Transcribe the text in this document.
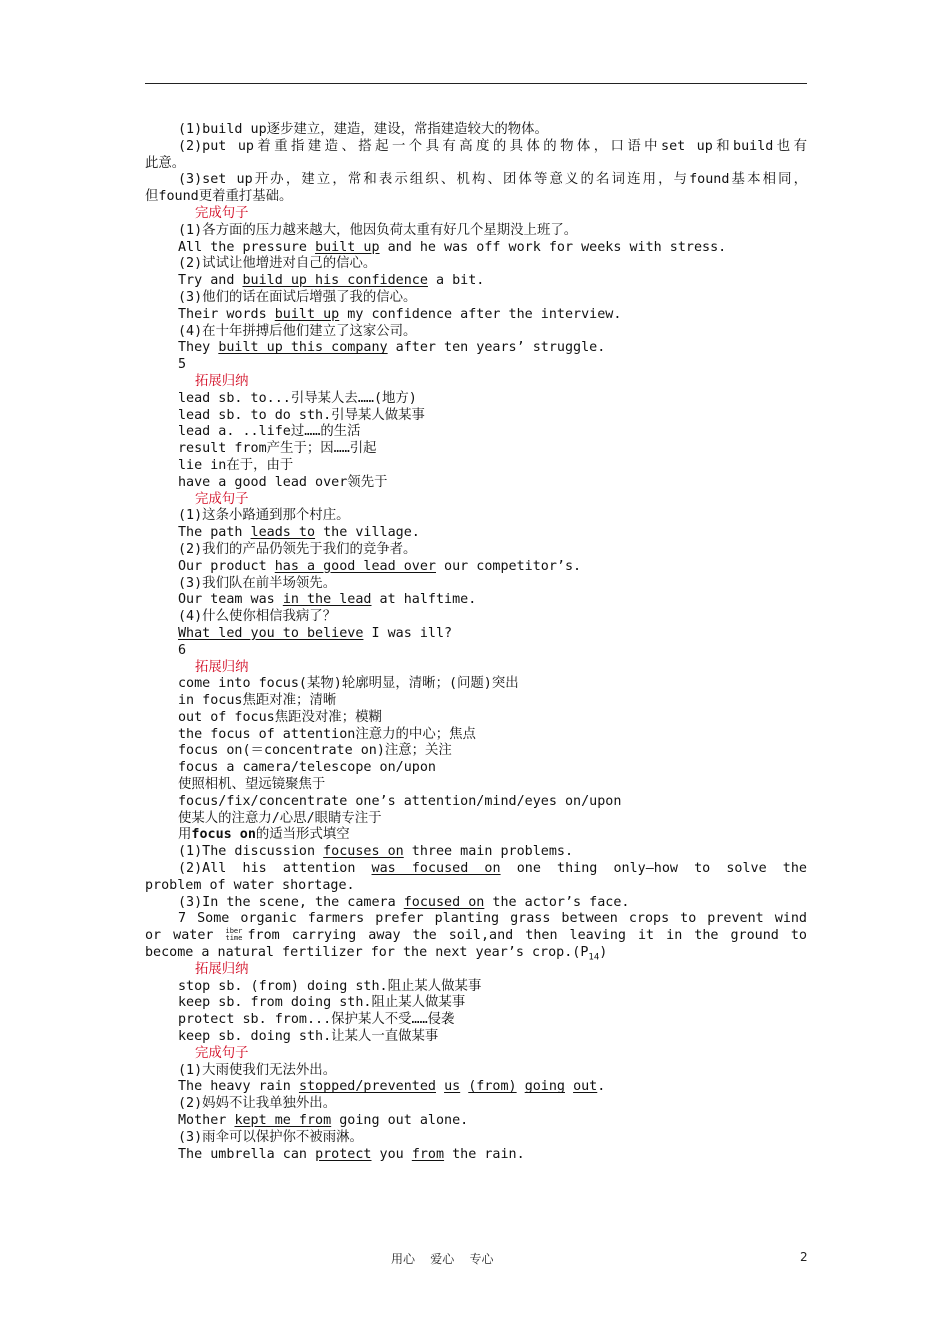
(1)build up逐步建立，建造，建设，常指建造较大的物体。
(2)put up着重指建造、搭起一个具有高度的具体的物体，口语中set up和build也有
此意。
(3)set up开办，建立，常和表示组织、机构、团体等意义的名词连用，与found基本相同，
但found更着重打基础。
完成句子
(1)各方面的压力越来越大，他因负荷太重有好几个星期没上班了。
All the pressure built up and he was off work for weeks with stress.
(2)试试让他增进对自己的信心。
Try and build up his confidence a bit.
(3)他们的话在面试后增强了我的信心。
Their words built up my confidence after the interview.
(4)在十年拼搏后他们建立了这家公司。
They built up this company after ten years’ struggle.
5
拓展归纳
lead sb. to...引导某人去……(地方)
lead sb. to do sth.引导某人做某事
lead a. ..life过……的生活
result from产生于；因……引起
lie in在于，由于
have a good lead over领先于
完成句子
(1)这条小路通到那个村庄。
The path leads to the village.
(2)我们的产品仍领先于我们的竞争者。
Our product has a good lead over our competitor’s.
(3)我们队在前半场领先。
Our team was in the lead at halftime.
(4)什么使你相信我病了？
What led you to believe I was ill?
6
拓展归纳
come into focus(某物)轮廓明显，清晰；(问题)突出
in focus焦距对准；清晰
out of focus焦距没对准；模糊
the focus of attention注意力的中心；焦点
focus on(＝concentrate on)注意；关注
focus a camera/telescope on/upon
使照相机、望远镜聚焦于
focus/fix/concentrate one’s attention/mind/eyes on/upon
使某人的注意力/心思/眼睛专注于
用focus on的适当形式填空
(1)The discussion focuses on three main problems.
(2)All his attention was focused on one thing only—how to solve the
problem of water shortage.
(3)In the scene, the camera focused on the actor’s face.
7 Some organic farmers prefer planting grass between crops to prevent wind
or water iber
time from carrying away the soil,and then leaving it in the ground to
become a natural fertilizer for the next year’s $crop.(P_{14})$
拓展归纳
stop sb. (from) doing sth.阻止某人做某事
keep sb. from doing sth.阻止某人做某事
protect sb. from...保护某人不受……侵袭
keep sb. doing sth.让某人一直做某事
完成句子
(1)大雨使我们无法外出。
The heavy rain stopped/prevented us (from) going out.
(2)妈妈不让我单独外出。
Mother kept me from going out alone.
(3)雨伞可以保护你不被雨淋。
The umbrella can protect you from the rain.
用心    爱心    专心	2
